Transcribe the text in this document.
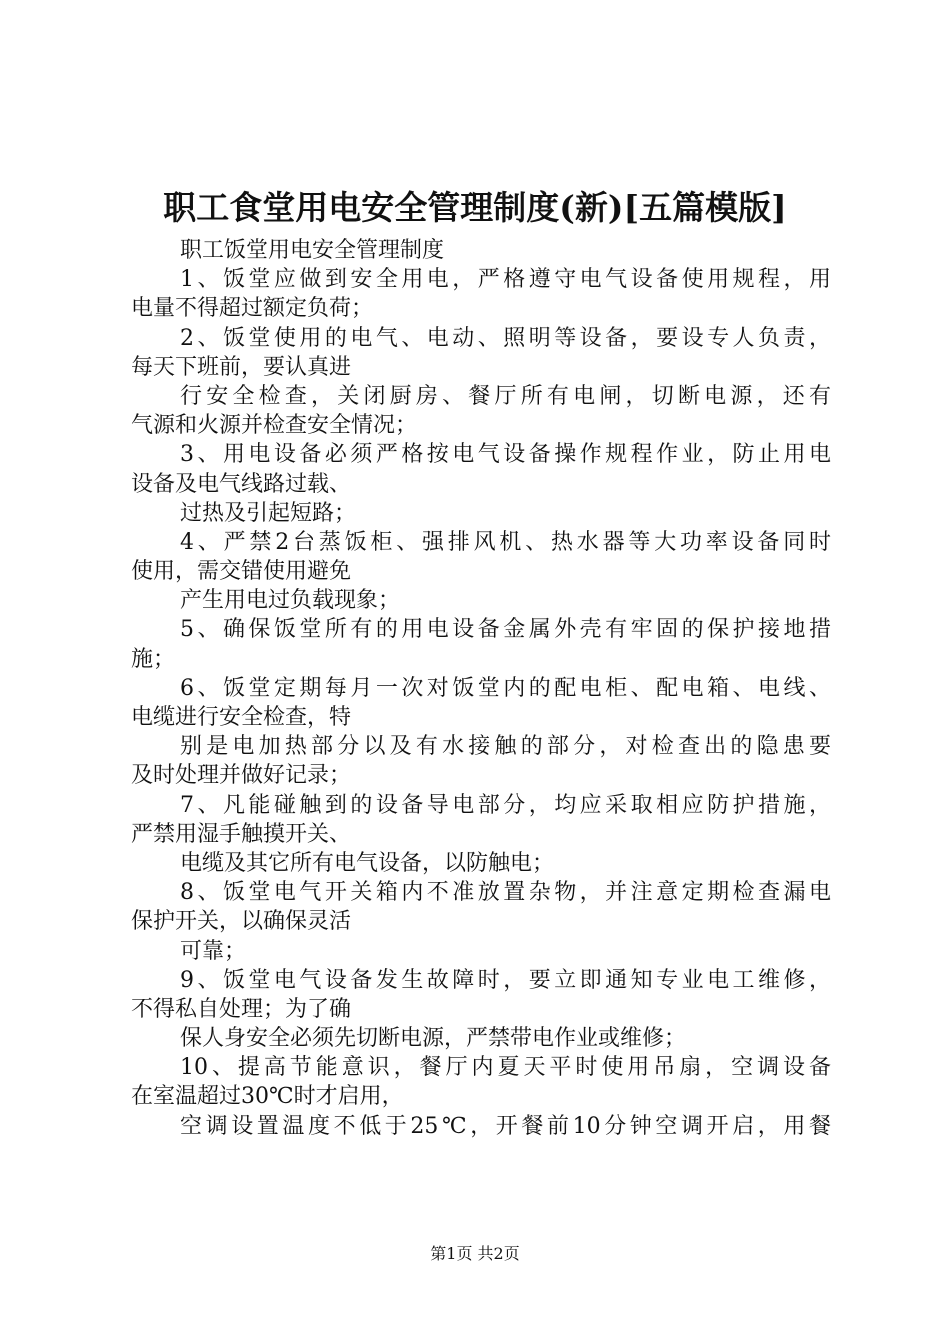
职工食堂用电安全管理制度(新)[五篇模版]
职工饭堂用电安全管理制度
1、饭堂应做到安全用电，严格遵守电气设备使用规程，用
电量不得超过额定负荷；
2、饭堂使用的电气、电动、照明等设备，要设专人负责，
每天下班前，要认真进
行安全检查，关闭厨房、餐厅所有电闸，切断电源，还有
气源和火源并检查安全情况；
3、用电设备必须严格按电气设备操作规程作业，防止用电
设备及电气线路过载、
过热及引起短路；
4、严禁2台蒸饭柜、强排风机、热水器等大功率设备同时
使用，需交错使用避免
产生用电过负载现象；
5、确保饭堂所有的用电设备金属外壳有牢固的保护接地措
施；
6、饭堂定期每月一次对饭堂内的配电柜、配电箱、电线、
电缆进行安全检查，特
别是电加热部分以及有水接触的部分，对检查出的隐患要
及时处理并做好记录；
7、凡能碰触到的设备导电部分，均应采取相应防护措施，
严禁用湿手触摸开关、
电缆及其它所有电气设备，以防触电；
8、饭堂电气开关箱内不准放置杂物，并注意定期检查漏电
保护开关，以确保灵活
可靠；
9、饭堂电气设备发生故障时，要立即通知专业电工维修，
不得私自处理；为了确
保人身安全必须先切断电源，严禁带电作业或维修；
10、提高节能意识，餐厅内夏天平时使用吊扇，空调设备
在室温超过30℃时才启用，
空调设置温度不低于25℃，开餐前10分钟空调开启，用餐
第1页 共2页
